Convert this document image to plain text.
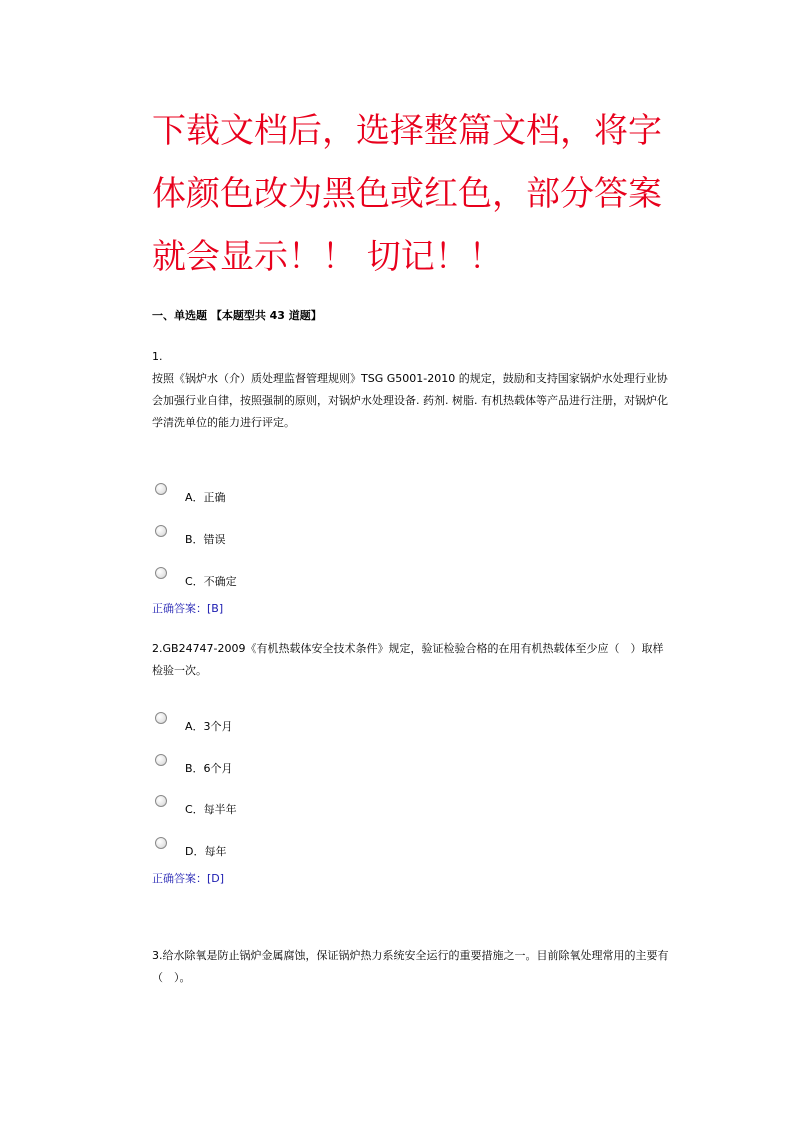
下载文档后，选择整篇文档，将字体颜色改为黑色或红色，部分答案就会显示！！ 切记！！
一、单选题 【本题型共 43 道题】
1.
按照《锅炉水（介）质处理监督管理规则》TSG G5001-2010 的规定，鼓励和支持国家锅炉水处理行业协会加强行业自律，按照强制的原则，对锅炉水处理设备. 药剂. 树脂. 有机热载体等产品进行注册，对锅炉化学清洗单位的能力进行评定。
A．正确
B．错误
C．不确定
正确答案：[B]
2.GB24747-2009《有机热载体安全技术条件》规定，验证检验合格的在用有机热载体至少应（　）取样检验一次。
A．3个月
B．6个月
C．每半年
D．每年
正确答案：[D]
3.给水除氧是防止锅炉金属腐蚀，保证锅炉热力系统安全运行的重要措施之一。目前除氧处理常用的主要有（　）。
